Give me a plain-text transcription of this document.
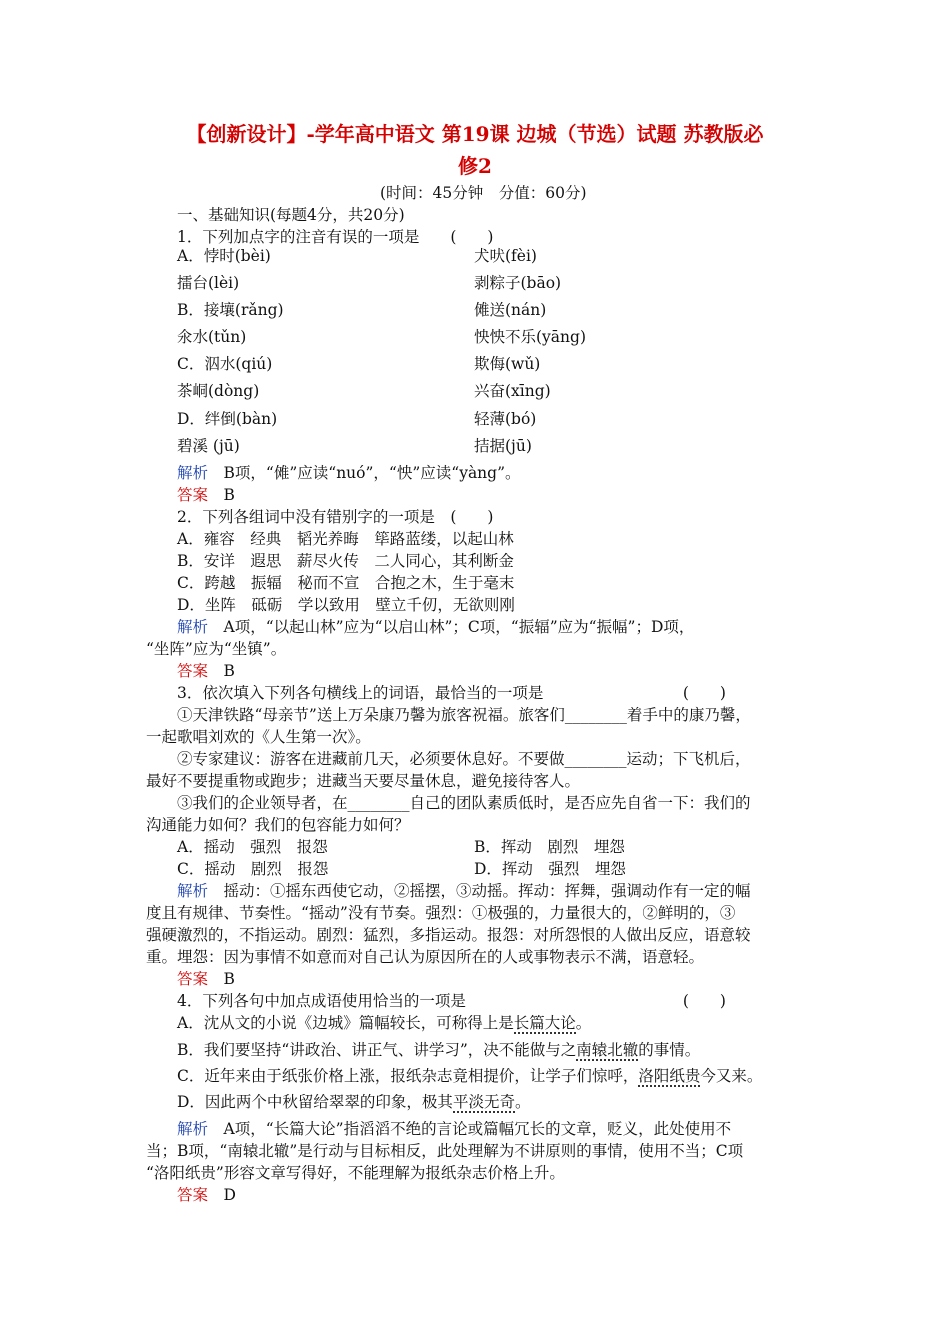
【创新设计】-学年高中语文 第19课 边城（节选）试题 苏教版必
修2
(时间：45分钟　分值：60分)
一、基础知识(每题4分，共20分)
1．下列加点字的注音有误的一项是　　(　　)
A．悖时(bèi)	犬吠(fèi)
擂台(lèi)	剥粽子(bāo)
B．接壤(rǎng)	傩送(nán)
氽水(tǔn)	怏怏不乐(yāng)
C．泅水(qiú)	欺侮(wǔ)
茶峒(dòng)	兴奋(xīng)
D．绊倒(bàn)	轻薄(bó)
碧溪 (jū)	拮据(jū)
解析　 B项，“傩”应读“nuó”，“怏”应读“yàng”。
答案　 B
2．下列各组词中没有错别字的一项是　(　　)
A．雍容　经典　韬光养晦　筚路蓝缕，以起山林
B．安详　遐思　薪尽火传　二人同心，其利断金
C．跨越　振辐　秘而不宣　合抱之木，生于毫末
D．坐阵　砥砺　学以致用　壁立千仞，无欲则刚
解析　 A项，“以起山林”应为“以启山林”；C项，“振辐”应为“振幅”；D项，
“坐阵”应为“坐镇”。
答案　 B
3．依次填入下列各句横线上的词语，最恰当的一项是　　　　　　　　　(　　)
①天津铁路“母亲节”送上万朵康乃馨为旅客祝福。旅客们________着手中的康乃馨，
一起歌唱刘欢的《人生第一次》。
②专家建议：游客在进藏前几天，必须要休息好。不要做________运动；下飞机后，
最好不要提重物或跑步；进藏当天要尽量休息，避免接待客人。
③我们的企业领导者，在________自己的团队素质低时，是否应先自省一下：我们的
沟通能力如何？我们的包容能力如何？
A．摇动　强烈　报怨	B．挥动　剧烈　埋怨
C．摇动　剧烈　报怨	D．挥动　强烈　埋怨
解析　 摇动：①摇东西使它动，②摇摆，③动摇。挥动：挥舞，强调动作有一定的幅
度且有规律、节奏性。“摇动”没有节奏。强烈：①极强的，力量很大的，②鲜明的，③
强硬激烈的，不指运动。剧烈：猛烈，多指运动。报怨：对所怨恨的人做出反应，语意较
重。埋怨：因为事情不如意而对自己认为原因所在的人或事物表示不满，语意轻。
答案　 B
4．下列各句中加点成语使用恰当的一项是　　　　　　　　　　　　　　(　　)
A．沈从文的小说《边城》篇幅较长，可称得上是长篇大论。
B．我们要坚持“讲政治、讲正气、讲学习”，决不能做与之南辕北辙的事情。
C．近年来由于纸张价格上涨，报纸杂志竟相提价，让学子们惊呼，洛阳纸贵今又来。
D．因此两个中秋留给翠翠的印象，极其平淡无奇。
解析　 A项，“长篇大论”指滔滔不绝的言论或篇幅冗长的文章，贬义，此处使用不
当；B项，“南辕北辙”是行动与目标相反，此处理解为不讲原则的事情，使用不当；C项
“洛阳纸贵”形容文章写得好，不能理解为报纸杂志价格上升。
答案　 D
